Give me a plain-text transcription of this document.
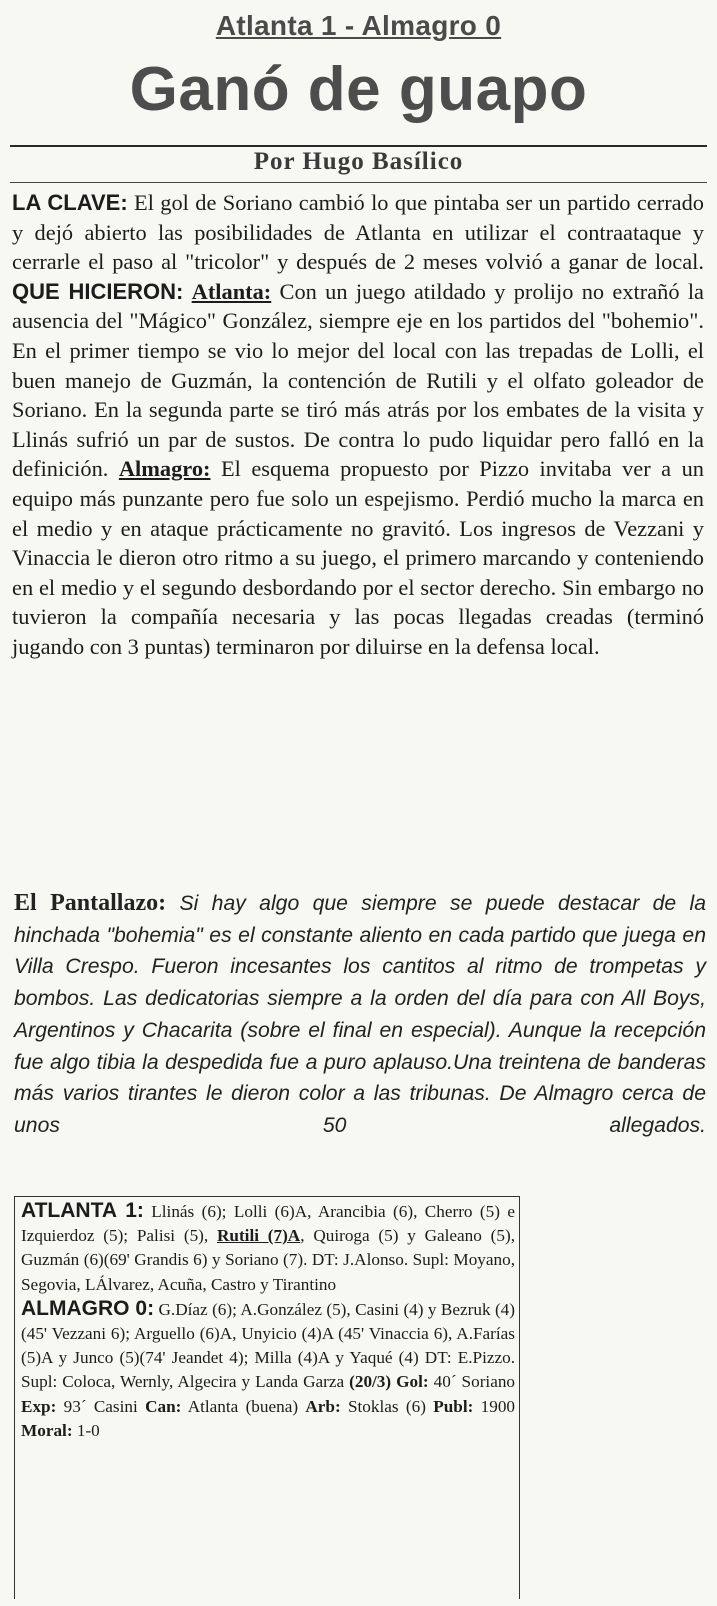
Atlanta 1 - Almagro 0
Ganó de guapo
Por Hugo Basílico

LA CLAVE: El gol de Soriano cambió lo que pintaba ser un partido cerrado y dejó abierto las posibilidades de Atlanta en utilizar el contraataque y cerrarle el paso al "tricolor" y después de 2 meses volvió a ganar de local.

QUE HICIERON: Atlanta: Con un juego atildado y prolijo no extrañó la ausencia del "Mágico" González, siempre eje en los partidos del "bohemio". En el primer tiempo se vio lo mejor del local con las trepadas de Lolli, el buen manejo de Guzmán, la contención de Rutili y el olfato goleador de Soriano. En la segunda parte se tiró más atrás por los embates de la visita y Llinás sufrió un par de sustos. De contra lo pudo liquidar pero falló en la definición. Almagro: El esquema propuesto por Pizzo invitaba ver a un equipo más punzante pero fue solo un espejismo. Perdió mucho la marca en el medio y en ataque prácticamente no gravitó. Los ingresos de Vezzani y Vinaccia le dieron otro ritmo a su juego, el primero marcando y conteniendo en el medio y el segundo desbordando por el sector derecho. Sin embargo no tuvieron la compañía necesaria y las pocas llegadas creadas (terminó jugando con 3 puntas) terminaron por diluirse en la defensa local.

El Pantallazo: Si hay algo que siempre se puede destacar de la hinchada "bohemia" es el constante aliento en cada partido que juega en Villa Crespo. Fueron incesantes los cantitos al ritmo de trompetas y bombos. Las dedicatorias siempre a la orden del día para con All Boys, Argentinos y Chacarita (sobre el final en especial). Aunque la recepción fue algo tibia la despedida fue a puro aplauso.Una treintena de banderas más varios tirantes le dieron color a las tribunas. De Almagro cerca de unos 50 allegados.

ATLANTA 1: Llinás (6); Lolli (6)A, Arancibia (6), Cherro (5) e Izquierdoz (5); Palisi (5), Rutili (7)A, Quiroga (5) y Galeano (5), Guzmán (6)(69' Grandis 6) y Soriano (7). DT: J.Alonso. Supl: Moyano, Segovia, LÁlvarez, Acuña, Castro y Tirantino

ALMAGRO 0: G.Díaz (6); A.González (5), Casini (4) y Bezruk (4)(45' Vezzani 6); Arguello (6)A, Unyicio (4)A (45' Vinaccia 6), A.Farías (5)A y Junco (5)(74' Jeandet 4); Milla (4)A y Yaqué (4) DT: E.Pizzo. Supl: Coloca, Wernly, Algecira y Landa Garza (20/3) Gol: 40´ Soriano Exp: 93´ Casini Can: Atlanta (buena) Arb: Stoklas (6) Publ: 1900 Moral: 1-0
